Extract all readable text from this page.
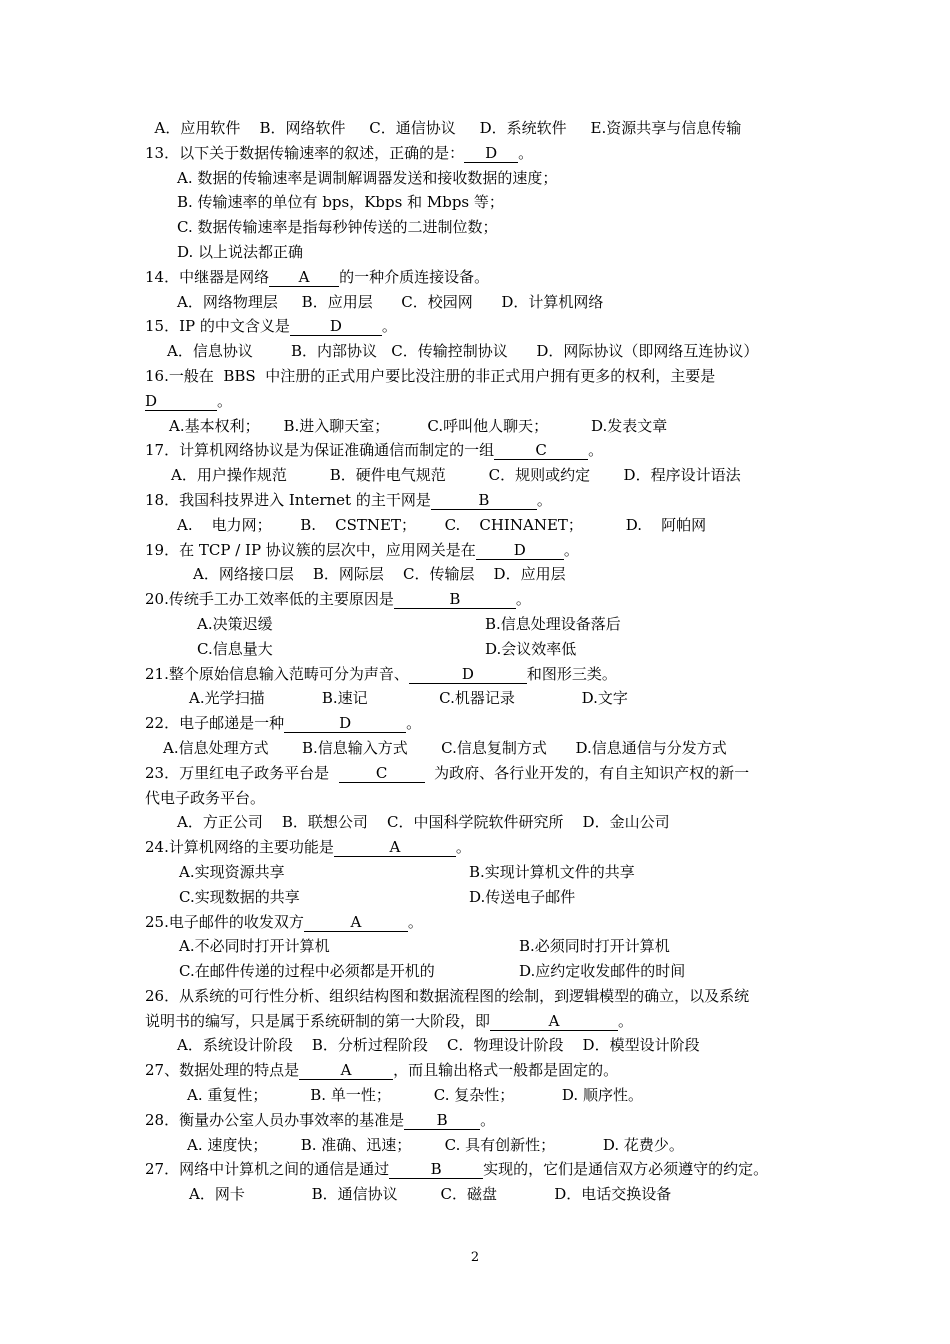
A．应用软件    B．网络软件     C．通信协议     D．系统软件     E.资源共享与信息传输
13．以下关于数据传输速率的叙述，正确的是： D 。
A. 数据的传输速率是调制解调器发送和接收数据的速度；
B. 传输速率的单位有 bps，Kbps 和 Mbps 等；
C. 数据传输速率是指每秒钟传送的二进制位数；
D. 以上说法都正确
14．中继器是网络 A 的一种介质连接设备。
A．网络物理层     B．应用层      C．校园网      D．计算机网络
15．IP 的中文含义是	D	。
A．信息协议        B．内部协议   C．传输控制协议      D．网际协议（即网络互连协议）
16.一般在  BBS  中注册的正式用户要比没注册的非正式用户拥有更多的权利，主要是
D	。
A.基本权利；     B.进入聊天室；        C.呼叫他人聊天；         D.发表文章
17．计算机网络协议是为保证准确通信而制定的一组	C	。
A．用户操作规范         B．硬件电气规范         C．规则或约定       D．程序设计语法
18．我国科技界进入 Internet 的主干网是	B	。
A.    电力网；      B.    CSTNET；      C.    CHINANET；         D.    阿帕网
19．在 TCP / IP 协议簇的层次中，应用网关是在	D	。
A．网络接口层    B．网际层    C．传输层    D．应用层
20.传统手工办工效率低的主要原因是	B	。
A.决策迟缓	B.信息处理设备落后
C.信息量大	D.会议效率低
21.整个原始信息输入范畴可分为声音、	D	和图形三类。
A.光学扫描            B.速记               C.机器记录              D.文字
22．电子邮递是一种	D	。
A.信息处理方式       B.信息输入方式       C.信息复制方式      D.信息通信与分发方式
23．万里红电子政务平台是  C  为政府、各行业开发的，有自主知识产权的新一
代电子政务平台。
A．方正公司    B．联想公司    C．中国科学院软件研究所    D．金山公司
24.计算机网络的主要功能是	A	。
A.实现资源共享	B.实现计算机文件的共享
C.实现数据的共享	D.传送电子邮件
25.电子邮件的收发双方	A	。
A.不必同时打开计算机	B.必须同时打开计算机
C.在邮件传递的过程中必须都是开机的	D.应约定收发邮件的时间
26．从系统的可行性分析、组织结构图和数据流程图的绘制，到逻辑模型的确立，以及系统
说明书的编写，只是属于系统研制的第一大阶段，即	A	。
A．系统设计阶段    B．分析过程阶段    C．物理设计阶段    D．模型设计阶段
27、数据处理的特点是	A	，而且输出格式一般都是固定的。
A. 重复性；         B. 单一性；         C. 复杂性；          D. 顺序性。
28．衡量办公室人员办事效率的基准是 B 。
A. 速度快；       B. 准确、迅速；       C. 具有创新性；          D. 花费少。
27．网络中计算机之间的通信是通过	B	实现的，它们是通信双方必须遵守的约定。
A．网卡              B．通信协议         C．磁盘            D．电话交换设备
2
